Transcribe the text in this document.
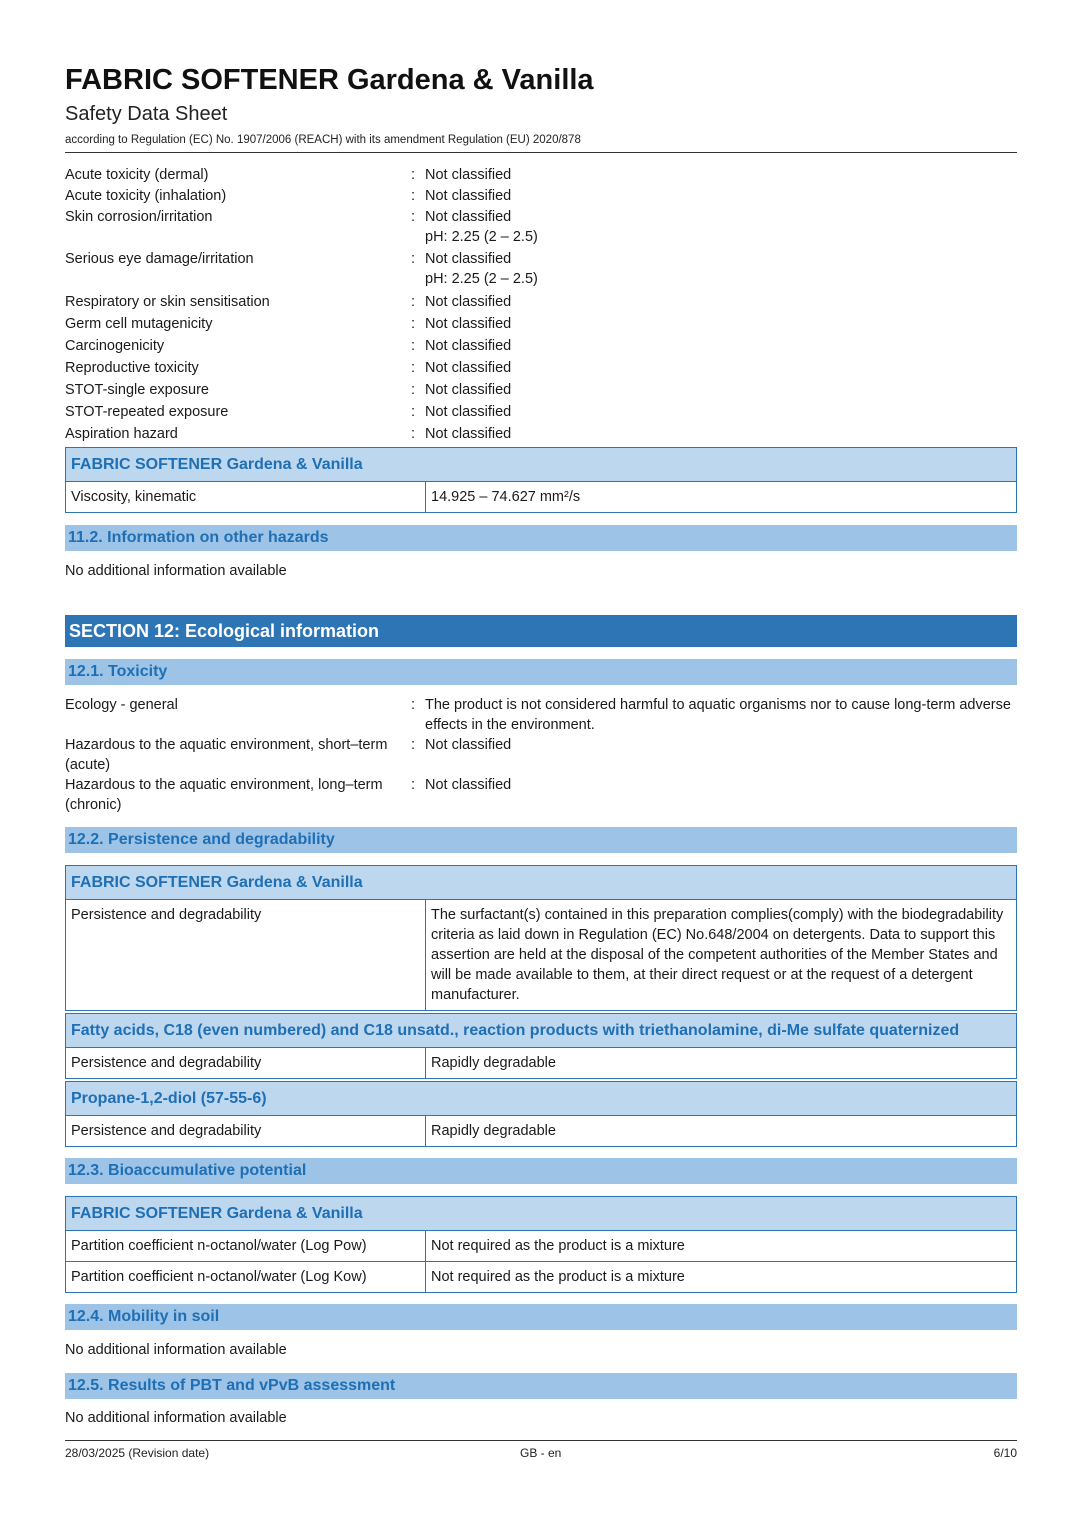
FABRIC SOFTENER Gardena & Vanilla
Safety Data Sheet
according to Regulation (EC) No. 1907/2006 (REACH) with its amendment Regulation (EU) 2020/878
Acute toxicity (dermal)	: Not classified
Acute toxicity (inhalation)	: Not classified
Skin corrosion/irritation	: Not classified
pH: 2.25 (2 – 2.5)
Serious eye damage/irritation	: Not classified
pH: 2.25 (2 – 2.5)
Respiratory or skin sensitisation	: Not classified
Germ cell mutagenicity	: Not classified
Carcinogenicity	: Not classified
Reproductive toxicity	: Not classified
STOT-single exposure	: Not classified
STOT-repeated exposure	: Not classified
Aspiration hazard	: Not classified
FABRIC SOFTENER Gardena & Vanilla
Viscosity, kinematic	14.925 – 74.627 mm²/s
11.2. Information on other hazards
No additional information available
SECTION 12: Ecological information
12.1. Toxicity
Ecology - general	: The product is not considered harmful to aquatic organisms nor to cause long-term adverse effects in the environment.
Hazardous to the aquatic environment, short–term (acute)
: Not classified
Hazardous to the aquatic environment, long–term (chronic)
: Not classified
12.2. Persistence and degradability
FABRIC SOFTENER Gardena & Vanilla
Persistence and degradability	The surfactant(s) contained in this preparation complies(comply) with the biodegradability criteria as laid down in Regulation (EC) No.648/2004 on detergents. Data to support this assertion are held at the disposal of the competent authorities of the Member States and will be made available to them, at their direct request or at the request of a detergent manufacturer.
Fatty acids, C18 (even numbered) and C18 unsatd., reaction products with triethanolamine, di-Me sulfate quaternized
Persistence and degradability	Rapidly degradable
Propane-1,2-diol (57-55-6)
Persistence and degradability	Rapidly degradable
12.3. Bioaccumulative potential
FABRIC SOFTENER Gardena & Vanilla
Partition coefficient n-octanol/water (Log Pow)	Not required as the product is a mixture
Partition coefficient n-octanol/water (Log Kow)	Not required as the product is a mixture
12.4. Mobility in soil
No additional information available
12.5. Results of PBT and vPvB assessment
No additional information available
28/03/2025 (Revision date)	GB - en	6/10
